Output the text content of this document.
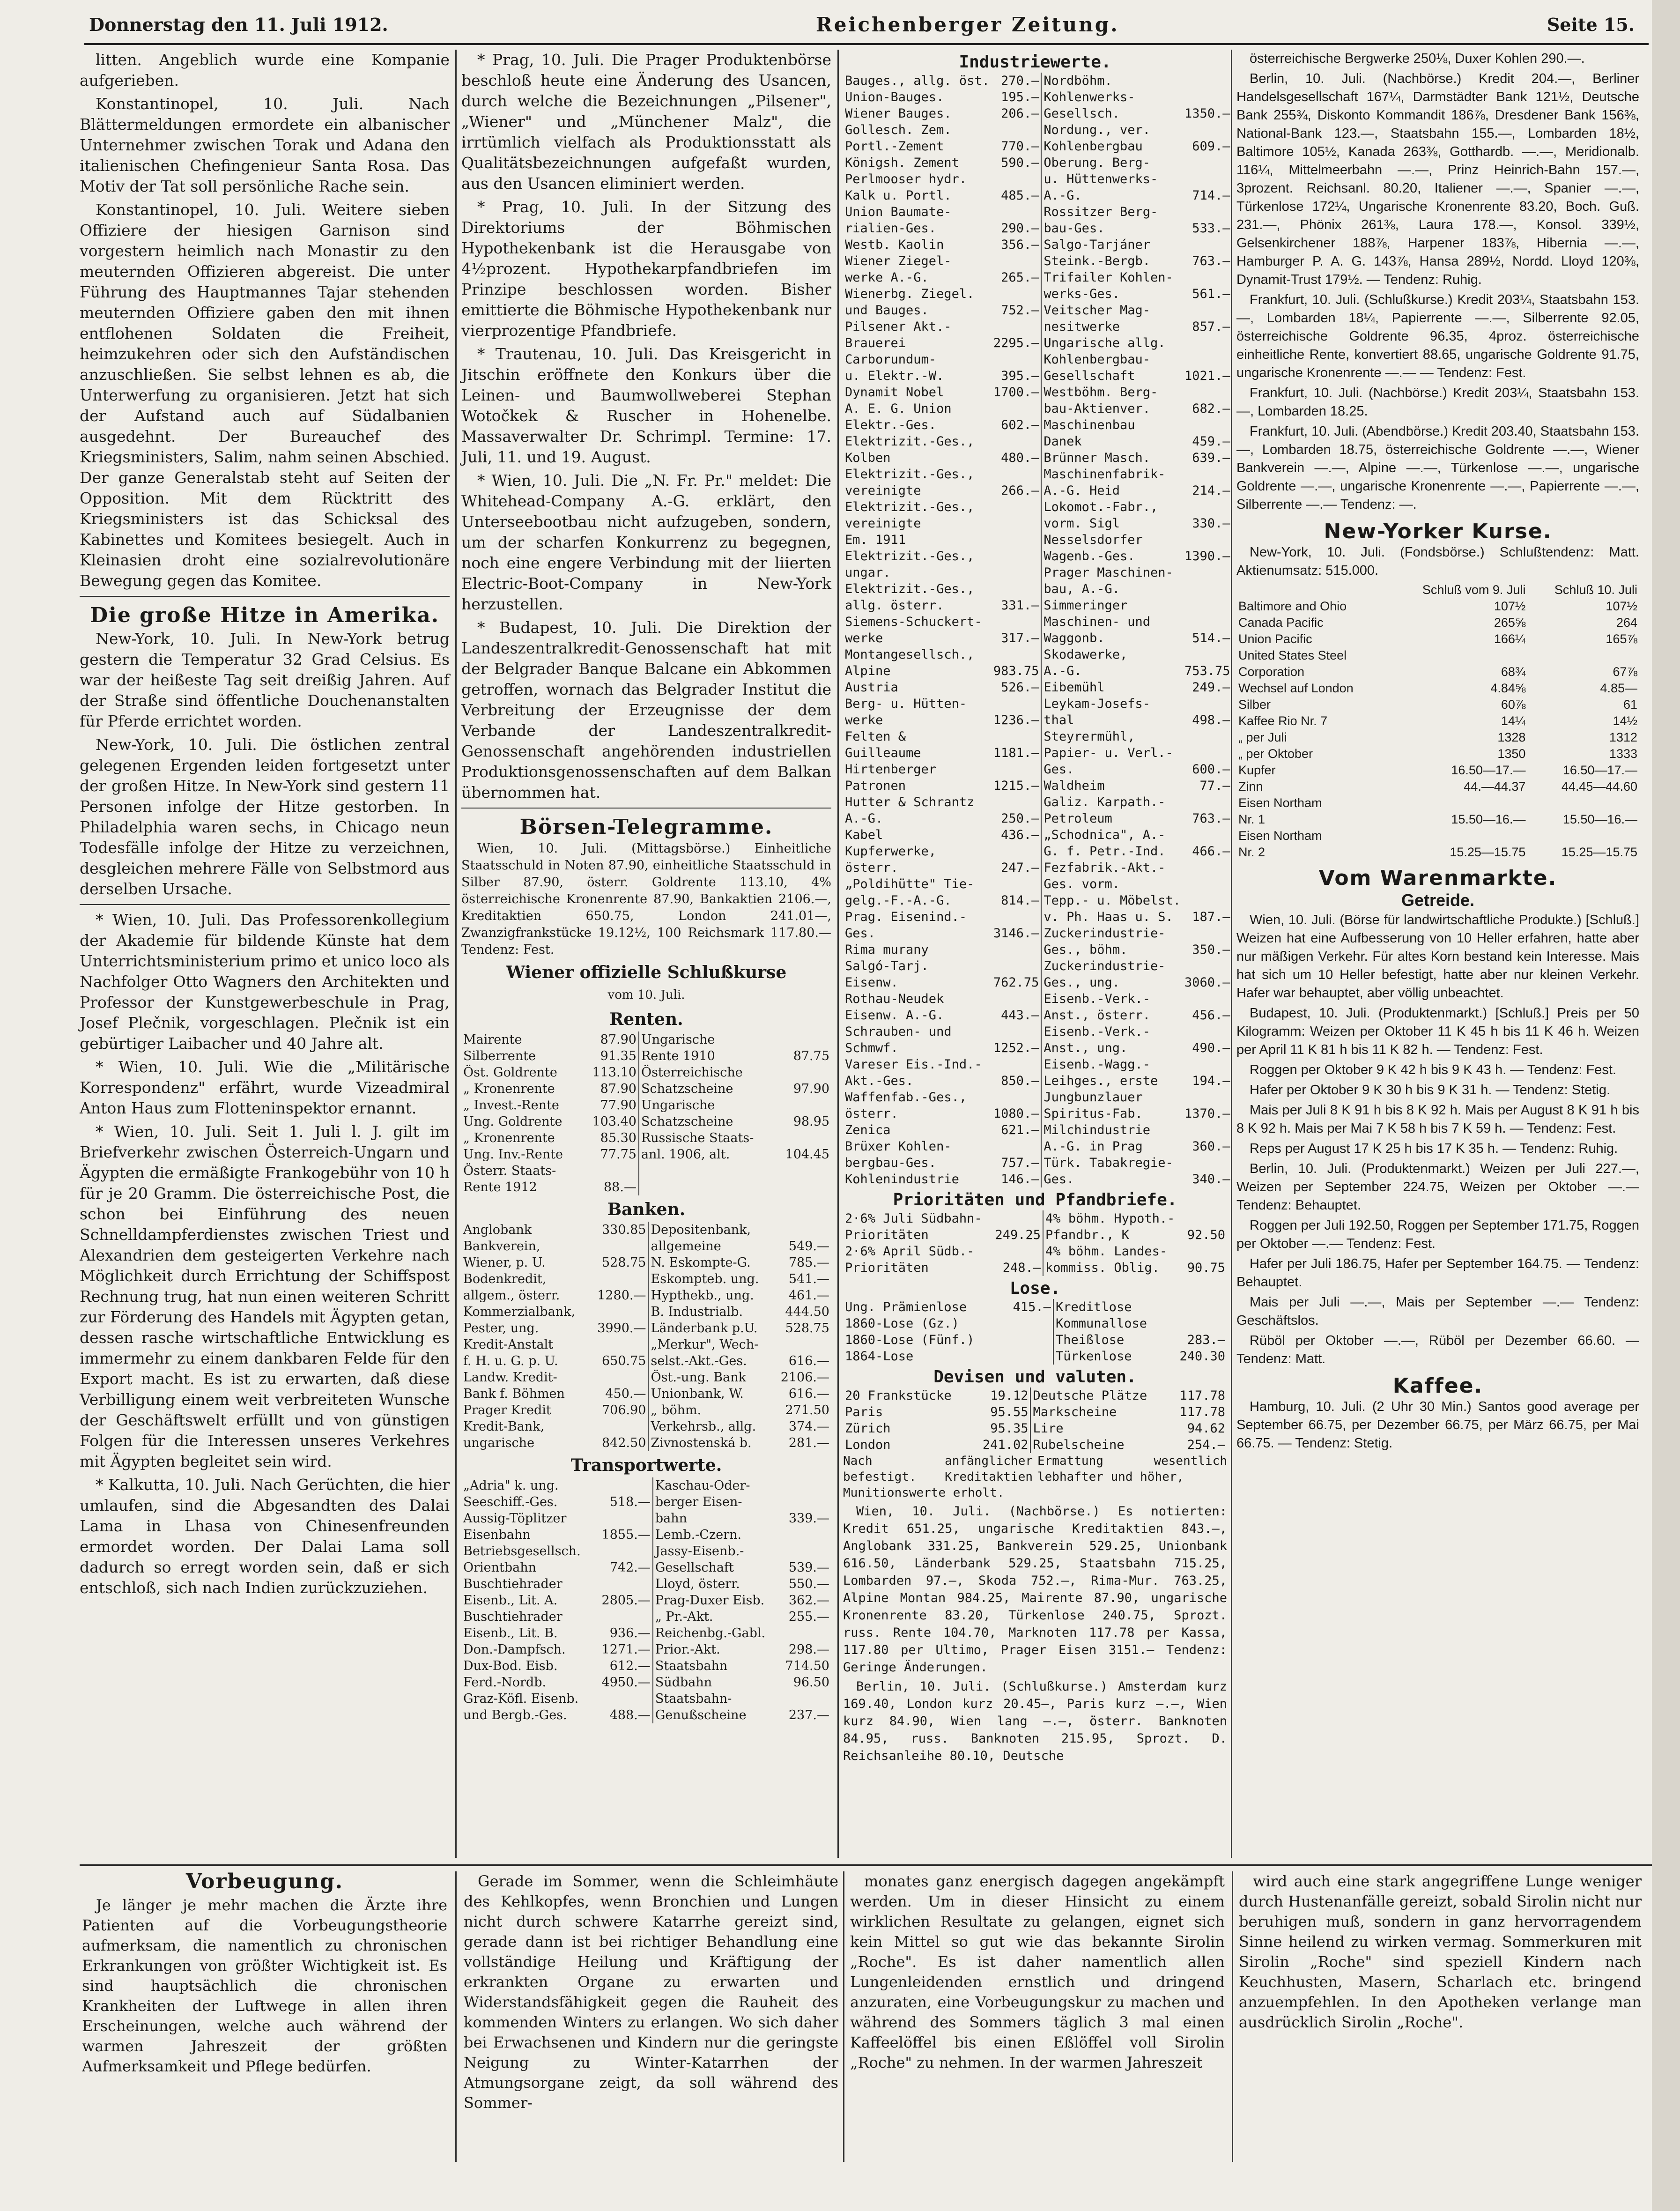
Donnerstag den 11. Juli 1912.	Reichenberger Zeitung.	Seite 15.

litten. Angeblich wurde eine Kompanie aufgerieben.

Konstantinopel, 10. Juli. Nach Blättermeldungen ermordete ein albanischer Unternehmer zwischen Torak und Adana den italienischen Chefingenieur Santa Rosa. Das Motiv der Tat soll persönliche Rache sein.

Konstantinopel, 10. Juli. Weitere sieben Offiziere der hiesigen Garnison sind vorgestern heimlich nach Monastir zu den meuternden Offizieren abgereist. Die unter Führung des Hauptmannes Tajar stehenden meuternden Offiziere gaben den mit ihnen entflohenen Soldaten die Freiheit, heimzukehren oder sich den Aufständischen anzuschließen. Sie selbst lehnen es ab, die Unterwerfung zu organisieren. Jetzt hat sich der Aufstand auch auf Südalbanien ausgedehnt. Der Bureauchef des Kriegsministers, Salim, nahm seinen Abschied. Der ganze Generalstab steht auf Seiten der Opposition. Mit dem Rücktritt des Kriegsministers ist das Schicksal des Kabinettes und Komitees besiegelt. Auch in Kleinasien droht eine sozialrevolutionäre Bewegung gegen das Komitee.

Die große Hitze in Amerika.

New-York, 10. Juli. In New-York betrug gestern die Temperatur 32 Grad Celsius. Es war der heißeste Tag seit dreißig Jahren. Auf der Straße sind öffentliche Douchenanstalten für Pferde errichtet worden.

New-York, 10. Juli. Die östlichen zentral gelegenen Ergenden leiden fortgesetzt unter der großen Hitze. In New-York sind gestern 11 Personen infolge der Hitze gestorben. In Philadelphia waren sechs, in Chicago neun Todesfälle infolge der Hitze zu verzeichnen, desgleichen mehrere Fälle von Selbstmord aus derselben Ursache.

* Wien, 10. Juli. Das Professorenkollegium der Akademie für bildende Künste hat dem Unterrichtsministerium primo et unico loco als Nachfolger Otto Wagners den Architekten und Professor der Kunstgewerbeschule in Prag, Josef Plečnik, vorgeschlagen. Plečnik ist ein gebürtiger Laibacher und 40 Jahre alt.

* Wien, 10. Juli. Wie die „Militärische Korrespondenz" erfährt, wurde Vizeadmiral Anton Haus zum Flotteninspektor ernannt.

* Wien, 10. Juli. Seit 1. Juli l. J. gilt im Briefverkehr zwischen Österreich-Ungarn und Ägypten die ermäßigte Frankogebühr von 10 h für je 20 Gramm. Die österreichische Post, die schon bei Einführung des neuen Schnelldampferdienstes zwischen Triest und Alexandrien dem gesteigerten Verkehre nach Möglichkeit durch Errichtung der Schiffspost Rechnung trug, hat nun einen weiteren Schritt zur Förderung des Handels mit Ägypten getan, dessen rasche wirtschaftliche Entwicklung es immermehr zu einem dankbaren Felde für den Export macht. Es ist zu erwarten, daß diese Verbilligung einem weit verbreiteten Wunsche der Geschäftswelt erfüllt und von günstigen Folgen für die Interessen unseres Verkehres mit Ägypten begleitet sein wird.

* Kalkutta, 10. Juli. Nach Gerüchten, die hier umlaufen, sind die Abgesandten des Dalai Lama in Lhasa von Chinesenfreunden ermordet worden. Der Dalai Lama soll dadurch so erregt worden sein, daß er sich entschloß, sich nach Indien zurückzuziehen.

* Prag, 10. Juli. Die Prager Produktenbörse beschloß heute eine Änderung des Usancen, durch welche die Bezeichnungen „Pilsener", „Wiener" und „Münchener Malz", die irrtümlich vielfach als Produktionsstatt als Qualitätsbezeichnungen aufgefaßt wurden, aus den Usancen eliminiert werden.

* Prag, 10. Juli. In der Sitzung des Direktoriums der Böhmischen Hypothekenbank ist die Herausgabe von 4½prozent. Hypothekarpfandbriefen im Prinzipe beschlossen worden. Bisher emittierte die Böhmische Hypothekenbank nur vierprozentige Pfandbriefe.

* Trautenau, 10. Juli. Das Kreisgericht in Jitschin eröffnete den Konkurs über die Leinen- und Baumwollweberei Stephan Wotočkek & Ruscher in Hohenelbe. Massaverwalter Dr. Schrimpl. Termine: 17. Juli, 11. und 19. August.

* Wien, 10. Juli. Die „N. Fr. Pr." meldet: Die Whitehead-Company A.-G. erklärt, den Unterseebootbau nicht aufzugeben, sondern, um der scharfen Konkurrenz zu begegnen, noch eine engere Verbindung mit der liierten Electric-Boot-Company in New-York herzustellen.

* Budapest, 10. Juli. Die Direktion der Landeszentralkredit-Genossenschaft hat mit der Belgrader Banque Balcane ein Abkommen getroffen, wornach das Belgrader Institut die Verbreitung der Erzeugnisse der dem Verbande der Landeszentralkredit-Genossenschaft angehörenden industriellen Produktionsgenossenschaften auf dem Balkan übernommen hat.

Börsen-Telegramme.

Wien, 10. Juli. (Mittagsbörse.) Einheitliche Staatsschuld in Noten 87.90, einheitliche Staatsschuld in Silber 87.90, österr. Goldrente 113.10, 4% österreichische Kronenrente 87.90, Bankaktien 2106.—, Kreditaktien 650.75, London 241.01—, Zwanzigfrankstücke 19.12½, 100 Reichsmark 117.80.— Tendenz: Fest.

Wiener offizielle Schlußkurse
vom 10. Juli.
Renten.
Mairente	87.90	Ungarische	
Silberrente	91.35	Rente 1910	87.75
Öst. Goldrente	113.10	Österreichische	
„ Kronenrente	87.90	Schatzscheine	97.90
„ Invest.-Rente	77.90	Ungarische	
Ung. Goldrente	103.40	Schatzscheine	98.95
„ Kronenrente	85.30	Russische Staats-	
Ung. Inv.-Rente	77.75	anl. 1906, alt.	104.45
Österr. Staats-			
Rente 1912	88.—		
Banken.
Anglobank	330.85	Depositenbank,	
Bankverein,		allgemeine	549.—
Wiener, p. U.	528.75	N. Eskompte-G.	785.—
Bodenkredit,		Eskompteb. ung.	541.—
allgem., österr.	1280.—	Hypthekb., ung.	461.—
Kommerzialbank,		B. Industrialb.	444.50
Pester, ung.	3990.—	Länderbank p.U.	528.75
Kredit-Anstalt		„Merkur", Wech-	
f. H. u. G. p. U.	650.75	selst.-Akt.-Ges.	616.—
Landw. Kredit-		Öst.-ung. Bank	2106.—
Bank f. Böhmen	450.—	Unionbank, W.	616.—
Prager Kredit	706.90	„ böhm.	271.50
Kredit-Bank,		Verkehrsb., allg.	374.—
ungarische	842.50	Zivnostenská b.	281.—
Transportwerte.
„Adria" k. ung.		Kaschau-Oder-	
Seeschiff.-Ges.	518.—	berger Eisen-	
Aussig-Töplitzer		bahn	339.—
Eisenbahn	1855.—	Lemb.-Czern.	
Betriebsgesellsch.		Jassy-Eisenb.-	
Orientbahn	742.—	Gesellschaft	539.—
Buschtiehrader		Lloyd, österr.	550.—
Eisenb., Lit. A.	2805.—	Prag-Duxer Eisb.	362.—
Buschtiehrader		„ Pr.-Akt.	255.—
Eisenb., Lit. B.	936.—	Reichenbg.-Gabl.	
Don.-Dampfsch.	1271.—	Prior.-Akt.	298.—
Dux-Bod. Eisb.	612.—	Staatsbahn	714.50
Ferd.-Nordb.	4950.—	Südbahn	96.50
Graz-Köfl. Eisenb.		Staatsbahn-	
und Bergb.-Ges.	488.—	Genußscheine	237.—
Industriewerte.
Bauges., allg. öst.	270.—	Nordböhm.	
Union-Bauges.	195.—	Kohlenwerks-	
Wiener Bauges.	206.—	Gesellsch.	1350.—
Gollesch. Zem.		Nordung., ver.	
Portl.-Zement	770.—	Kohlenbergbau	609.—
Königsh. Zement	590.—	Oberung. Berg-	
Perlmooser hydr.		u. Hüttenwerks-	
Kalk u. Portl.	485.—	A.-G.	714.—
Union Baumate-		Rossitzer Berg-	
rialien-Ges.	290.—	bau-Ges.	533.—
Westb. Kaolin	356.—	Salgo-Tarjáner	
Wiener Ziegel-		Steink.-Bergb.	763.—
werke A.-G.	265.—	Trifailer Kohlen-	
Wienerbg. Ziegel.		werks-Ges.	561.—
und Bauges.	752.—	Veitscher Mag-	
Pilsener Akt.-		nesitwerke	857.—
Brauerei	2295.—	Ungarische allg.	
Carborundum-		Kohlenbergbau-	
u. Elektr.-W.	395.—	Gesellschaft	1021.—
Dynamit Nobel	1700.—	Westböhm. Berg-	
A. E. G. Union		bau-Aktienver.	682.—
Elektr.-Ges.	602.—	Maschinenbau	
Elektrizit.-Ges.,		Danek	459.—
Kolben	480.—	Brünner Masch.	639.—
Elektrizit.-Ges.,		Maschinenfabrik-	
vereinigte	266.—	A.-G. Heid	214.—
Elektrizit.-Ges.,		Lokomot.-Fabr.,	
vereinigte		vorm. Sigl	330.—
Em. 1911		Nesselsdorfer	
Elektrizit.-Ges.,		Wagenb.-Ges.	1390.—
ungar.		Prager Maschinen-	
Elektrizit.-Ges.,		bau, A.-G.	
allg. österr.	331.—	Simmeringer	
Siemens-Schuckert-		Maschinen- und	
werke	317.—	Waggonb.	514.—
Montangesellsch.,		Skodawerke,	
Alpine	983.75	A.-G.	753.75
Austria	526.—	Eibemühl	249.—
Berg- u. Hütten-		Leykam-Josefs-	
werke	1236.—	thal	498.—
Felten &		Steyrermühl,	
Guilleaume	1181.—	Papier- u. Verl.-	
Hirtenberger		Ges.	600.—
Patronen	1215.—	Waldheim	77.—
Hutter & Schrantz		Galiz. Karpath.-	
A.-G.	250.—	Petroleum	763.—
Kabel	436.—	„Schodnica", A.-	
Kupferwerke,		G. f. Petr.-Ind.	466.—
österr.	247.—	Fezfabrik.-Akt.-	
„Poldihütte" Tie-		Ges. vorm.	
gelg.-F.-A.-G.	814.—	Tepp.- u. Möbelst.	
Prag. Eisenind.-		v. Ph. Haas u. S.	187.—
Ges.	3146.—	Zuckerindustrie-	
Rima murany		Ges., böhm.	350.—
Salgó-Tarj.		Zuckerindustrie-	
Eisenw.	762.75	Ges., ung.	3060.—
Rothau-Neudek		Eisenb.-Verk.-	
Eisenw. A.-G.	443.—	Anst., österr.	456.—
Schrauben- und		Eisenb.-Verk.-	
Schmwf.	1252.—	Anst., ung.	490.—
Vareser Eis.-Ind.-		Eisenb.-Wagg.-	
Akt.-Ges.	850.—	Leihges., erste	194.—
Waffenfab.-Ges.,		Jungbunzlauer	
österr.	1080.—	Spiritus-Fab.	1370.—
Zenica	621.—	Milchindustrie	
Brüxer Kohlen-		A.-G. in Prag	360.—
bergbau-Ges.	757.—	Türk. Tabakregie-	
Kohlenindustrie	146.—	Ges.	340.—
Prioritäten und Pfandbriefe.
2·6% Juli Südbahn-		4% böhm. Hypoth.-	
Prioritäten	249.25	Pfandbr., K	92.50
2·6% April Südb.-		4% böhm. Landes-	
Prioritäten	248.—	kommiss. Oblig.	90.75
Lose.
Ung. Prämienlose	415.—	Kreditlose	
1860-Lose (Gz.)		Kommunallose	
1860-Lose (Fünf.)		Theißlose	283.—
1864-Lose		Türkenlose	240.30
Devisen und valuten.
20 Frankstücke	19.12	Deutsche Plätze	117.78
Paris	95.55	Markscheine	117.78
Zürich	95.35	Lire	94.62
London	241.02	Rubelscheine	254.—
Nach anfänglicher befestigt. Kreditaktien Munitionswerte erholt.
Ermattung wesentlich lebhafter und höher,

Wien, 10. Juli. (Nachbörse.) Es notierten: Kredit 651.25, ungarische Kreditaktien 843.—, Anglobank 331.25, Bankverein 529.25, Unionbank 616.50, Länderbank 529.25, Staatsbahn 715.25, Lombarden 97.—, Skoda 752.—, Rima-Mur. 763.25, Alpine Montan 984.25, Mairente 87.90, ungarische Kronenrente 83.20, Türkenlose 240.75, Sprozt. russ. Rente 104.70, Marknoten 117.78 per Kassa, 117.80 per Ultimo, Prager Eisen 3151.— Tendenz: Geringe Änderungen.

Berlin, 10. Juli. (Schlußkurse.) Amsterdam kurz 169.40, London kurz 20.45—, Paris kurz —.—, Wien kurz 84.90, Wien lang —.—, österr. Banknoten 84.95, russ. Banknoten 215.95, Sprozt. D. Reichsanleihe 80.10, Deutsche

österreichische Bergwerke 250⅛, Duxer Kohlen 290.—.

Berlin, 10. Juli. (Nachbörse.) Kredit 204.—, Berliner Handelsgesellschaft 167¼, Darmstädter Bank 121½, Deutsche Bank 255¾, Diskonto Kommandit 186⅞, Dresdener Bank 156⅜, National-Bank 123.—, Staatsbahn 155.—, Lombarden 18½, Baltimore 105½, Kanada 263⅜, Gotthardb. —.—, Meridionalb. 116¼, Mittelmeerbahn —.—, Prinz Heinrich-Bahn 157.—, 3prozent. Reichsanl. 80.20, Italiener —.—, Spanier —.—, Türkenlose 172¼, Ungarische Kronenrente 83.20, Boch. Guß. 231.—, Phönix 261⅜, Laura 178.—, Konsol. 339½, Gelsenkirchener 188⅞, Harpener 183⅞, Hibernia —.—, Hamburger P. A. G. 143⅞, Hansa 289½, Nordd. Lloyd 120⅜, Dynamit-Trust 179½. — Tendenz: Ruhig.

Frankfurt, 10. Juli. (Schlußkurse.) Kredit 203¼, Staatsbahn 153.—, Lombarden 18¼, Papierrente —.—, Silberrente 92.05, österreichische Goldrente 96.35, 4proz. österreichische einheitliche Rente, konvertiert 88.65, ungarische Goldrente 91.75, ungarische Kronenrente —.— — Tendenz: Fest.

Frankfurt, 10. Juli. (Nachbörse.) Kredit 203¼, Staatsbahn 153.—, Lombarden 18.25.

Frankfurt, 10. Juli. (Abendbörse.) Kredit 203.40, Staatsbahn 153.—, Lombarden 18.75, österreichische Goldrente —.—, Wiener Bankverein —.—, Alpine —.—, Türkenlose —.—, ungarische Goldrente —.—, ungarische Kronenrente —.—, Papierrente —.—, Silberrente —.— Tendenz: —.

New-Yorker Kurse.

New-York, 10. Juli. (Fondsbörse.) Schlußtendenz: Matt. Aktienumsatz: 515.000.

	Schluß vom 9. Juli	Schluß 10. Juli
Baltimore and Ohio	107½	107½
Canada Pacific	265⅝	264
Union Pacific	166¼	165⅞
United States Steel		
Corporation	68¾	67⅞
Wechsel auf London	4.84⅝	4.85—
Silber	60⅞	61
Kaffee Rio Nr. 7	14¼	14½
„ per Juli	1328	1312
„ per Oktober	1350	1333
Kupfer	16.50—17.—	16.50—17.—
Zinn	44.—44.37	44.45—44.60
Eisen Northam		
Nr. 1	15.50—16.—	15.50—16.—
Eisen Northam		
Nr. 2	15.25—15.75	15.25—15.75
Vom Warenmarkte.
Getreide.

Wien, 10. Juli. (Börse für landwirtschaftliche Produkte.) [Schluß.] Weizen hat eine Aufbesserung von 10 Heller erfahren, hatte aber nur mäßigen Verkehr. Für altes Korn bestand kein Interesse. Mais hat sich um 10 Heller befestigt, hatte aber nur kleinen Verkehr. Hafer war behauptet, aber völlig unbeachtet.

Budapest, 10. Juli. (Produktenmarkt.) [Schluß.] Preis per 50 Kilogramm: Weizen per Oktober 11 K 45 h bis 11 K 46 h. Weizen per April 11 K 81 h bis 11 K 82 h. — Tendenz: Fest.

Roggen per Oktober 9 K 42 h bis 9 K 43 h. — Tendenz: Fest.

Hafer per Oktober 9 K 30 h bis 9 K 31 h. — Tendenz: Stetig.

Mais per Juli 8 K 91 h bis 8 K 92 h. Mais per August 8 K 91 h bis 8 K 92 h. Mais per Mai 7 K 58 h bis 7 K 59 h. — Tendenz: Fest.

Reps per August 17 K 25 h bis 17 K 35 h. — Tendenz: Ruhig.

Berlin, 10. Juli. (Produktenmarkt.) Weizen per Juli 227.—, Weizen per September 224.75, Weizen per Oktober —.— Tendenz: Behauptet.

Roggen per Juli 192.50, Roggen per September 171.75, Roggen per Oktober —.— Tendenz: Fest.

Hafer per Juli 186.75, Hafer per September 164.75. — Tendenz: Behauptet.

Mais per Juli —.—, Mais per September —.— Tendenz: Geschäftslos.

Rüböl per Oktober —.—, Rüböl per Dezember 66.60. — Tendenz: Matt.

Kaffee.

Hamburg, 10. Juli. (2 Uhr 30 Min.) Santos good average per September 66.75, per Dezember 66.75, per März 66.75, per Mai 66.75. — Tendenz: Stetig.

Vorbeugung.

Je länger je mehr machen die Ärzte ihre Patienten auf die Vorbeugungstheorie aufmerksam, die namentlich zu chronischen Erkrankungen von größter Wichtigkeit ist. Es sind hauptsächlich die chronischen Krankheiten der Luftwege in allen ihren Erscheinungen, welche auch während der warmen Jahreszeit der größten Aufmerksamkeit und Pflege bedürfen.

Gerade im Sommer, wenn die Schleimhäute des Kehlkopfes, wenn Bronchien und Lungen nicht durch schwere Katarrhe gereizt sind, gerade dann ist bei richtiger Behandlung eine vollständige Heilung und Kräftigung der erkrankten Organe zu erwarten und Widerstandsfähigkeit gegen die Rauheit des kommenden Winters zu erlangen. Wo sich daher bei Erwachsenen und Kindern nur die geringste Neigung zu Winter-Katarrhen der Atmungsorgane zeigt, da soll während des Sommer-

monates ganz energisch dagegen angekämpft werden. Um in dieser Hinsicht zu einem wirklichen Resultate zu gelangen, eignet sich kein Mittel so gut wie das bekannte Sirolin „Roche". Es ist daher namentlich allen Lungenleidenden ernstlich und dringend anzuraten, eine Vorbeugungskur zu machen und während des Sommers täglich 3 mal einen Kaffeelöffel bis einen Eßlöffel voll Sirolin „Roche" zu nehmen. In der warmen Jahreszeit

wird auch eine stark angegriffene Lunge weniger durch Hustenanfälle gereizt, sobald Sirolin nicht nur beruhigen muß, sondern in ganz hervorragendem Sinne heilend zu wirken vermag. Sommerkuren mit Sirolin „Roche" sind speziell Kindern nach Keuchhusten, Masern, Scharlach etc. bringend anzuempfehlen. In den Apotheken verlange man ausdrücklich Sirolin „Roche".
